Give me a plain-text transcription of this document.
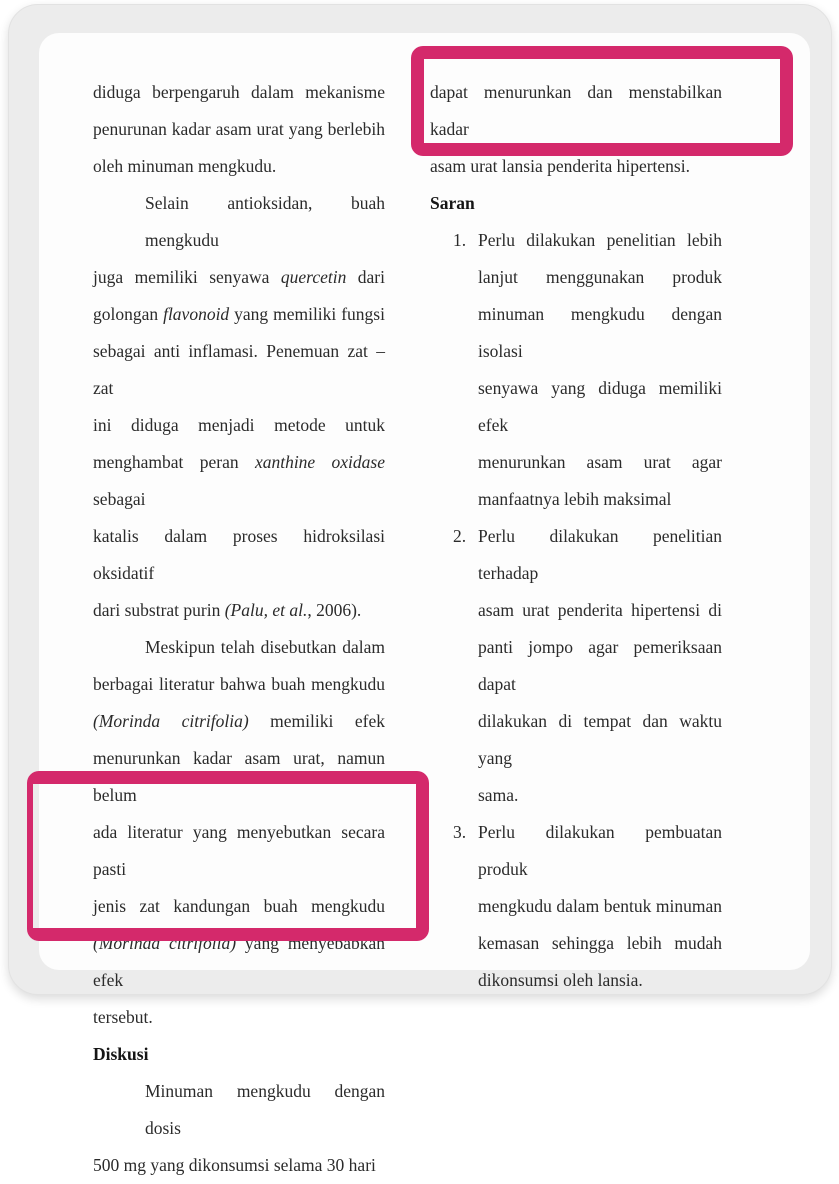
diduga berpengaruh dalam mekanisme
penurunan kadar asam urat yang berlebih
oleh minuman mengkudu.
Selain antioksidan, buah mengkudu
juga memiliki senyawa quercetin dari
golongan flavonoid yang memiliki fungsi
sebagai anti inflamasi. Penemuan zat – zat
ini diduga menjadi metode untuk
menghambat peran xanthine oxidase sebagai
katalis dalam proses hidroksilasi oksidatif
dari substrat purin (Palu, et al., 2006).
Meskipun telah disebutkan dalam
berbagai literatur bahwa buah mengkudu
(Morinda citrifolia) memiliki efek
menurunkan kadar asam urat, namun belum
ada literatur yang menyebutkan secara pasti
jenis zat kandungan buah mengkudu
(Morinda citrifolia) yang menyebabkan efek
tersebut.
Diskusi
Minuman mengkudu dengan dosis
500 mg yang dikonsumsi selama 30 hari
dapat menurunkan dan menstabilkan kadar
asam urat lansia penderita hipertensi.
Saran
1. Perlu dilakukan penelitian lebih
lanjut menggunakan produk
minuman mengkudu dengan isolasi
senyawa yang diduga memiliki efek
menurunkan asam urat agar
manfaatnya lebih maksimal
2. Perlu dilakukan penelitian terhadap
asam urat penderita hipertensi di
panti jompo agar pemeriksaan dapat
dilakukan di tempat dan waktu yang
sama.
3. Perlu dilakukan pembuatan produk
mengkudu dalam bentuk minuman
kemasan sehingga lebih mudah
dikonsumsi oleh lansia.
